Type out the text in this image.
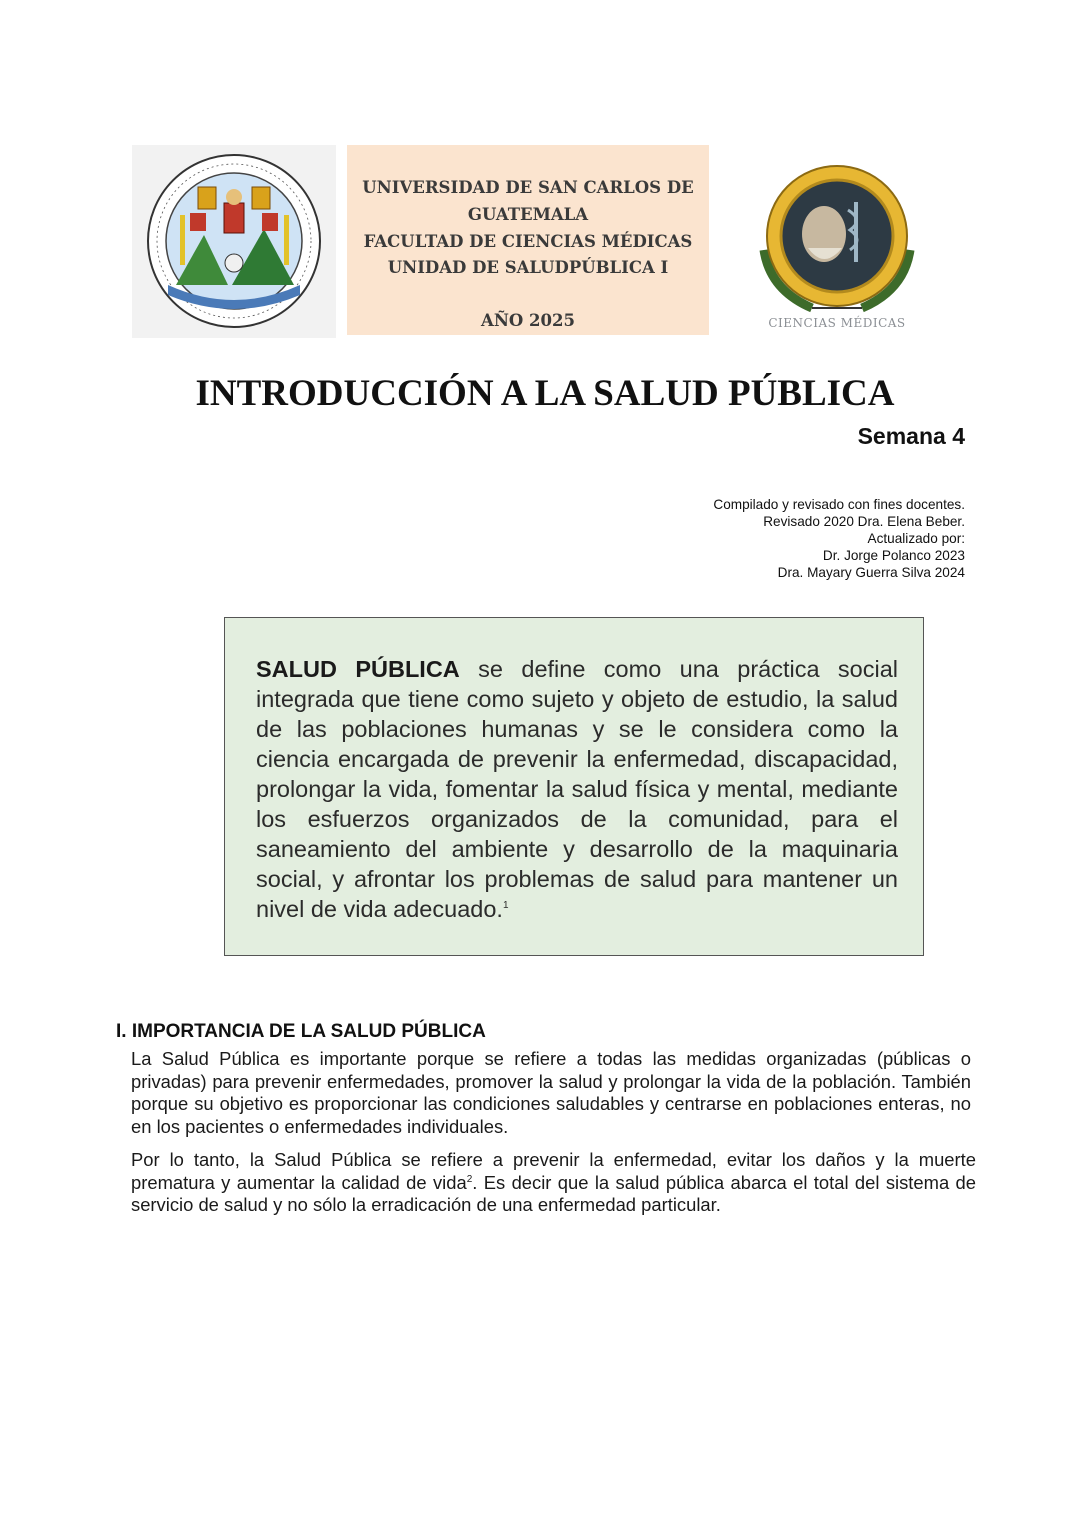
UNIVERSIDAD DE SAN CARLOS DE
GUATEMALA
FACULTAD DE CIENCIAS MÉDICAS
UNIDAD DE SALUDPÚBLICA I
AÑO 2025	CIENCIAS MÉDICAS
INTRODUCCIÓN A LA SALUD PÚBLICA
Semana 4
Compilado y revisado con fines docentes.
Revisado 2020 Dra. Elena Beber.
Actualizado por:
Dr. Jorge Polanco 2023
Dra. Mayary Guerra Silva 2024
SALUD PÚBLICA se define como una práctica social integrada que tiene como sujeto y objeto de estudio, la salud de las poblaciones humanas y se le considera como la ciencia encargada de prevenir la enfermedad, discapacidad, prolongar la vida, fomentar la salud física y mental, mediante los esfuerzos organizados de la comunidad, para el saneamiento del ambiente y desarrollo de la maquinaria social, y afrontar los problemas de salud para mantener un nivel de vida adecuado.$^1$
I. IMPORTANCIA DE LA SALUD PÚBLICA
La Salud Pública es importante porque se refiere a todas las medidas organizadas (públicas o privadas) para prevenir enfermedades, promover la salud y prolongar la vida de la población. También porque su objetivo es proporcionar las condiciones saludables y centrarse en poblaciones enteras, no en los pacientes o enfermedades individuales.
Por lo tanto, la Salud Pública se refiere a prevenir la enfermedad, evitar los daños y la muerte prematura y aumentar la calidad de vida$^2$. Es decir que la salud pública abarca el total del sistema de servicio de salud y no sólo la erradicación de una enfermedad particular.
